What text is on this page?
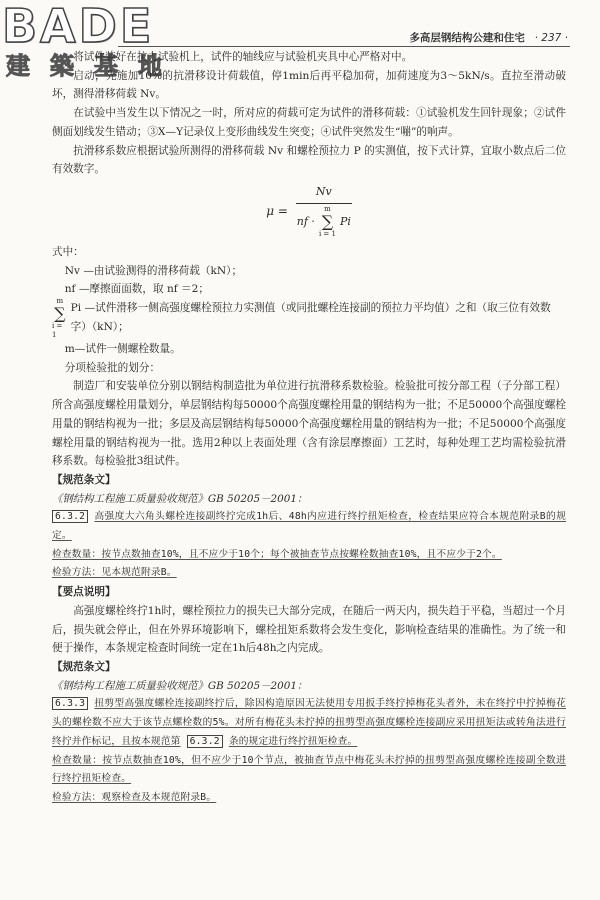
BADE
建築基地
多高层钢结构公建和住宅 · 237 ·

将试件装好在拉力试验机上，试件的轴线应与试验机夹具中心严格对中。

启动，先施加10%的抗滑移设计荷载值，停1min后再平稳加荷，加荷速度为3～5kN/s。直拉至滑动破坏，测得滑移荷载 Nv。

在试验中当发生以下情况之一时，所对应的荷载可定为试件的滑移荷载：①试验机发生回针现象；②试件侧面划线发生错动；③X—Y记录仪上变形曲线发生突变；④试件突然发生“嘣”的响声。

抗滑移系数应根据试验所测得的滑移荷载 Nv 和螺栓预拉力 P 的实测值，按下式计算，宜取小数点后二位有效数字。

μ =
Nv
nf ·
m
∑
i = 1
Pi

式中：

Nv —由试验测得的滑移荷载（kN）；

nf —摩擦面面数，取 nf ＝2；

m
∑
i = 1
Pi —试件滑移一侧高强度螺栓预拉力实测值（或同批螺栓连接副的预拉力平均值）之和（取三位有效数字）（kN）；

m—试件一侧螺栓数量。

分项检验批的划分：

制造厂和安装单位分别以钢结构制造批为单位进行抗滑移系数检验。检验批可按分部工程（子分部工程）所含高强度螺栓用量划分，单层钢结构每50000个高强度螺栓用量的钢结构为一批；不足50000个高强度螺栓用量的钢结构视为一批；多层及高层钢结构每50000个高强度螺栓用量的钢结构为一批；不足50000个高强度螺栓用量的钢结构视为一批。选用2种以上表面处理（含有涂层摩擦面）工艺时，每种处理工艺均需检验抗滑移系数。每检验批3组试件。

【规范条文】

《钢结构工程施工质量验收规范》GB 50205－2001：

6.3.2 高强度大六角头螺栓连接副终拧完成1h后、48h内应进行终拧扭矩检查，检查结果应符合本规范附录B的规定。

检查数量：按节点数抽查10%，且不应少于10个；每个被抽查节点按螺栓数抽查10%，且不应少于2个。

检验方法：见本规范附录B。

【要点说明】

高强度螺栓终拧1h时，螺栓预拉力的损失已大部分完成，在随后一两天内，损失趋于平稳，当超过一个月后，损失就会停止，但在外界环境影响下，螺栓扭矩系数将会发生变化，影响检查结果的准确性。为了统一和便于操作，本条规定检查时间统一定在1h后48h之内完成。

【规范条文】

《钢结构工程施工质量验收规范》GB 50205－2001：

6.3.3 扭剪型高强度螺栓连接副终拧后，除因构造原因无法使用专用扳手终拧掉梅花头者外，未在终拧中拧掉梅花头的螺栓数不应大于该节点螺栓数的5%。对所有梅花头未拧掉的扭剪型高强度螺栓连接副应采用扭矩法或转角法进行终拧并作标记，且按本规范第 6.3.2 条的规定进行终拧扭矩检查。

检查数量：按节点数抽查10%，但不应少于10个节点，被抽查节点中梅花头未拧掉的扭剪型高强度螺栓连接副全数进行终拧扭矩检查。

检验方法：观察检查及本规范附录B。
